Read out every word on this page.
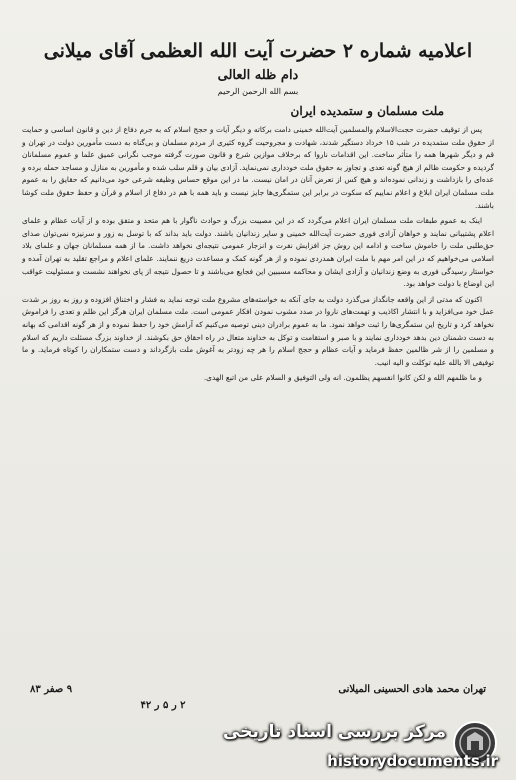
اعلامیه شماره ۲ حضرت آیت الله العظمی آقای میلانی
دام ظله العالی
بسم الله الرحمن الرحیم
ملت مسلمان و ستمدیده ایران

پس از توقیف حضرت حجت‌الاسلام والمسلمین آیت‌الله خمینی دامت برکاته و دیگر آیات و حجج اسلام که به جرم دفاع از دین و قانون اساسی و حمایت از حقوق ملت ستمدیده در شب ۱۵ خرداد دستگیر شدند، شهادت و مجروحیت گروه کثیری از مردم مسلمان و بی‌گناه به دست مأمورین دولت در تهران و قم و دیگر شهرها همه را متأثر ساخت. این اقدامات ناروا که برخلاف موازین شرع و قانون صورت گرفته موجب نگرانی عمیق علما و عموم مسلمانان گردیده و حکومت ظالم از هیچ گونه تعدی و تجاوز به حقوق ملت خودداری نمی‌نماید. آزادی بیان و قلم سلب شده و مأمورین به منازل و مساجد حمله برده و عده‌ای را بازداشت و زندانی نموده‌اند و هیچ کس از تعرض آنان در امان نیست. ما در این موقع حساس وظیفه شرعی خود می‌دانیم که حقایق را به عموم ملت مسلمان ایران ابلاغ و اعلام نماییم که سکوت در برابر این ستمگری‌ها جایز نیست و باید همه با هم در دفاع از اسلام و قرآن و حفظ حقوق ملت کوشا باشند.

اینک به عموم طبقات ملت مسلمان ایران اعلام می‌گردد که در این مصیبت بزرگ و حوادث ناگوار با هم متحد و متفق بوده و از آیات عظام و علمای اعلام پشتیبانی نمایند و خواهان آزادی فوری حضرت آیت‌الله خمینی و سایر زندانیان باشند. دولت باید بداند که با توسل به زور و سرنیزه نمی‌توان صدای حق‌طلبی ملت را خاموش ساخت و ادامه این روش جز افزایش نفرت و انزجار عمومی نتیجه‌ای نخواهد داشت. ما از همه مسلمانان جهان و علمای بلاد اسلامی می‌خواهیم که در این امر مهم با ملت ایران همدردی نموده و از هر گونه کمک و مساعدت دریغ ننمایند. علمای اعلام و مراجع تقلید به تهران آمده و خواستار رسیدگی فوری به وضع زندانیان و آزادی ایشان و محاکمه مسببین این فجایع می‌باشند و تا حصول نتیجه از پای نخواهند نشست و مسئولیت عواقب این اوضاع با دولت خواهد بود.

اکنون که مدتی از این واقعه جانگداز می‌گذرد دولت به جای آنکه به خواسته‌های مشروع ملت توجه نماید به فشار و اختناق افزوده و روز به روز بر شدت عمل خود می‌افزاید و با انتشار اکاذیب و تهمت‌های ناروا در صدد مشوب نمودن افکار عمومی است. ملت مسلمان ایران هرگز این ظلم و تعدی را فراموش نخواهد کرد و تاریخ این ستمگری‌ها را ثبت خواهد نمود. ما به عموم برادران دینی توصیه می‌کنیم که آرامش خود را حفظ نموده و از هر گونه اقدامی که بهانه به دست دشمنان دین بدهد خودداری نمایند و با صبر و استقامت و توکل به خداوند متعال در راه احقاق حق بکوشند. از خداوند بزرگ مسئلت داریم که اسلام و مسلمین را از شر ظالمین حفظ فرماید و آیات عظام و حجج اسلام را هر چه زودتر به آغوش ملت بازگرداند و دست ستمکاران را کوتاه فرماید. و ما توفیقی الا بالله علیه توکلت و الیه انیب.

و ما ظلمهم الله و لکن کانوا انفسهم یظلمون. انه ولی التوفیق و السلام علی من اتبع الهدی.

تهران محمد هادی الحسینی المیلانی
۹ صفر ۸۳
۲ ر ۵ ر ۴۲
مرکز بررسی اسناد تاریخی
historydocuments.ir
